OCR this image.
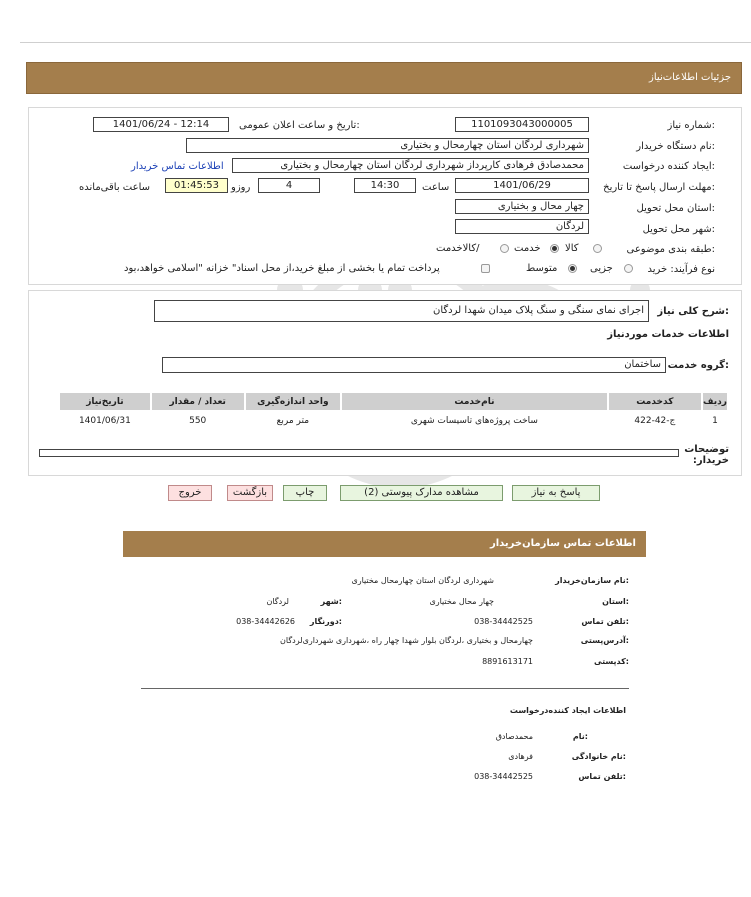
جزئیات اطلاعات‌نیاز
شماره نیاز:
1101093043000005
تاریخ و ساعت اعلان عمومی:
1401/06/24 - 12:14
نام دستگاه خریدار:
شهرداری لردگان استان چهارمحال و بختیاری
ایجاد کننده درخواست:
محمدصادق فرهادی کارپرداز شهرداری لردگان استان چهارمحال و بختیاری
اطلاعات تماس خریدار
مهلت ارسال پاسخ تا تاریخ:
1401/06/29
ساعت
14:30
4
روزو
01:45:53
ساعت باقی‌مانده
استان محل تحویل:
چهار محال و بختیاری
شهر محل تحویل:
لردگان
طبقه بندی موضوعی:
کالا
خدمت
کالاخدمت/
نوع فرآیند: خرید
جزیی
متوسط
پرداخت تمام یا بخشی از مبلغ خرید،از محل اسناد" خزانه "اسلامی خواهد،بود
شرح کلی نیاز:
اجرای نمای سنگی و سنگ پلاک میدان شهدا لردگان
اطلاعات خدمات موردنیاز
گروه خدمت:
ساختمان
ردیف	کدخدمت	نام‌خدمت	واحد اندازه‌گیری	تعداد / مقدار	تاریخ‌نیاز
1	ج-42-422	ساخت پروژه‌های تاسیسات شهری	متر مربع	550	1401/06/31
توضیحات خریدار:
پاسخ به نیاز
مشاهده مدارک پیوستی (2)
چاپ
بازگشت
خروج
اطلاعات تماس سازمان‌خریدار
نام سازمان‌خریدار:
شهرداری لردگان استان چهارمحال مختیاری
استان:
چهار محال مختیاری
شهر:
لردگان
تلفن تماس:
038-34442525
دورنگار:
038-34442626
آدرس‌پستی:
چهارمحال و بختیاری ،لردگان بلوار شهدا چهار راه ،شهرداری شهرداری‌لردگان
کدپستی:
8891613171
اطلاعات ایجاد کننده‌درخواست
نام:
محمدصادق
نام خانوادگی:
فرهادی
تلفن تماس:
038-34442525
